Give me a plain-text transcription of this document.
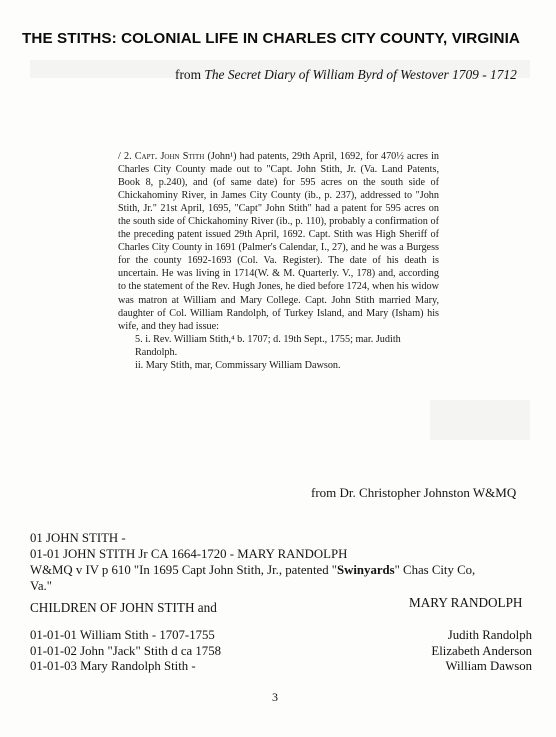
THE STITHS: COLONIAL LIFE IN CHARLES CITY COUNTY, VIRGINIA
from The Secret Diary of William Byrd of Westover 1709 - 1712

/ 2. Capt. John Stith (John¹) had patents, 29th April, 1692, for 470½ acres in Charles City County made out to "Capt. John Stith, Jr. (Va. Land Patents, Book 8, p.240), and (of same date) for 595 acres on the south side of Chickahominy River, in James City County (ib., p. 237), addressed to "John Stith, Jr." 21st April, 1695, "Capt" John Stith" had a patent for 595 acres on the south side of Chickahominy River (ib., p. 110), probably a confirmation of the preceding patent issued 29th April, 1692. Capt. Stith was High Sheriff of Charles City County in 1691 (Palmer's Calendar, I., 27), and he was a Burgess for the county 1692-1693 (Col. Va. Register). The date of his death is uncertain. He was living in 1714(W. & M. Quarterly. V., 178) and, according to the statement of the Rev. Hugh Jones, he died before 1724, when his widow was matron at William and Mary College. Capt. John Stith married Mary, daughter of Col. William Randolph, of Turkey Island, and Mary (Isham) his wife, and they had issue:

5. i. Rev. William Stith,⁴ b. 1707; d. 19th Sept., 1755; mar. Judith Randolph.

ii. Mary Stith, mar, Commissary William Dawson.

from Dr. Christopher Johnston W&MQ
01 JOHN STITH -
01-01 JOHN STITH Jr CA 1664-1720 - MARY RANDOLPH
W&MQ v IV p 610 "In 1695 Capt John Stith, Jr., patented "Swinyards" Chas City Co,
Va."
CHILDREN OF JOHN STITH and	MARY RANDOLPH
01-01-01 William Stith - 1707-1755
01-01-02 John "Jack" Stith d ca 1758
01-01-03 Mary Randolph Stith -
Judith Randolph
Elizabeth Anderson
William Dawson
3
